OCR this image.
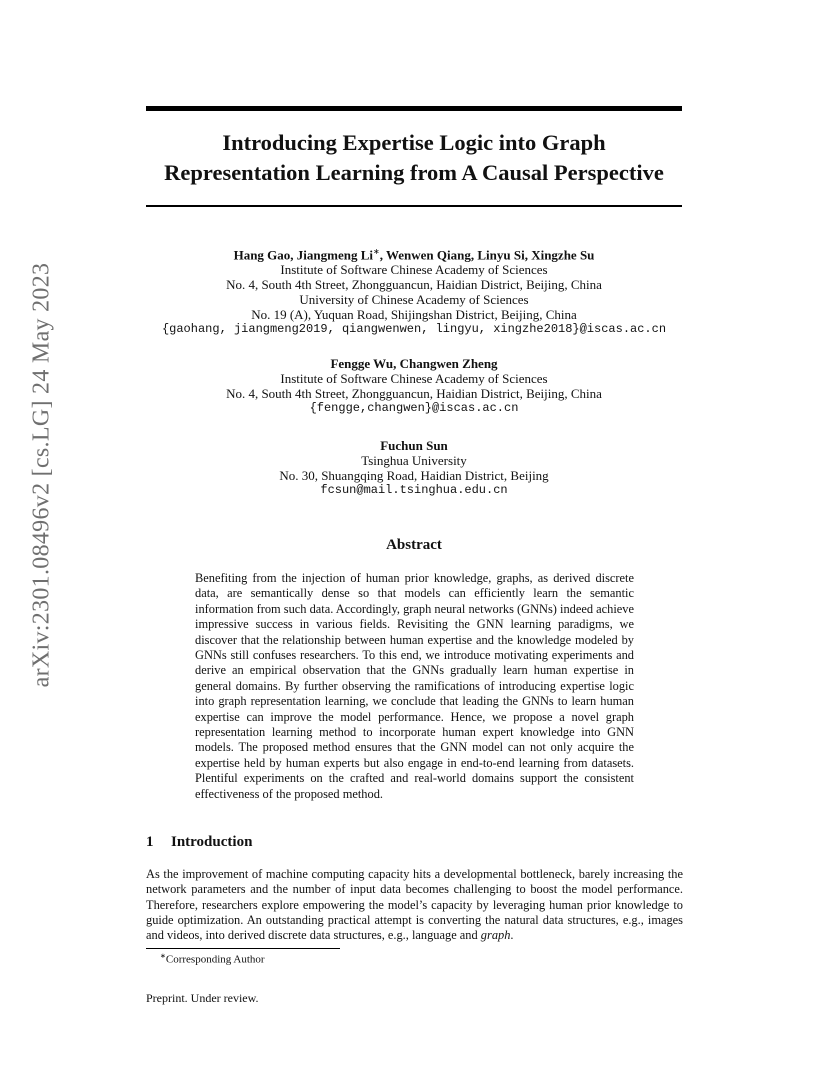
arXiv:2301.08496v2 [cs.LG] 24 May 2023
Introducing Expertise Logic into Graph
Representation Learning from A Causal Perspective
Hang Gao, Jiangmeng Li∗, Wenwen Qiang, Linyu Si, Xingzhe Su
Institute of Software Chinese Academy of Sciences
No. 4, South 4th Street, Zhongguancun, Haidian District, Beijing, China
University of Chinese Academy of Sciences
No. 19 (A), Yuquan Road, Shijingshan District, Beijing, China
{gaohang, jiangmeng2019, qiangwenwen, lingyu, xingzhe2018}@iscas.ac.cn
Fengge Wu, Changwen Zheng
Institute of Software Chinese Academy of Sciences
No. 4, South 4th Street, Zhongguancun, Haidian District, Beijing, China
{fengge,changwen}@iscas.ac.cn
Fuchun Sun
Tsinghua University
No. 30, Shuangqing Road, Haidian District, Beijing
fcsun@mail.tsinghua.edu.cn
Abstract
Benefiting from the injection of human prior knowledge, graphs, as derived discrete data, are semantically dense so that models can efficiently learn the semantic information from such data. Accordingly, graph neural networks (GNNs) indeed achieve impressive success in various fields. Revisiting the GNN learning paradigms, we discover that the relationship between human expertise and the knowledge modeled by GNNs still confuses researchers. To this end, we introduce motivating experiments and derive an empirical observation that the GNNs gradually learn human expertise in general domains. By further observing the ramifications of introducing expertise logic into graph representation learning, we conclude that leading the GNNs to learn human expertise can improve the model performance. Hence, we propose a novel graph representation learning method to incorporate human expert knowledge into GNN models. The proposed method ensures that the GNN model can not only acquire the expertise held by human experts but also engage in end-to-end learning from datasets. Plentiful experiments on the crafted and real-world domains support the consistent effectiveness of the proposed method.
1 Introduction
As the improvement of machine computing capacity hits a developmental bottleneck, barely increasing the network parameters and the number of input data becomes challenging to boost the model performance. Therefore, researchers explore empowering the model’s capacity by leveraging human prior knowledge to guide optimization. An outstanding practical attempt is converting the natural data structures, e.g., images and videos, into derived discrete data structures, e.g., language and graph.
∗Corresponding Author
Preprint. Under review.
